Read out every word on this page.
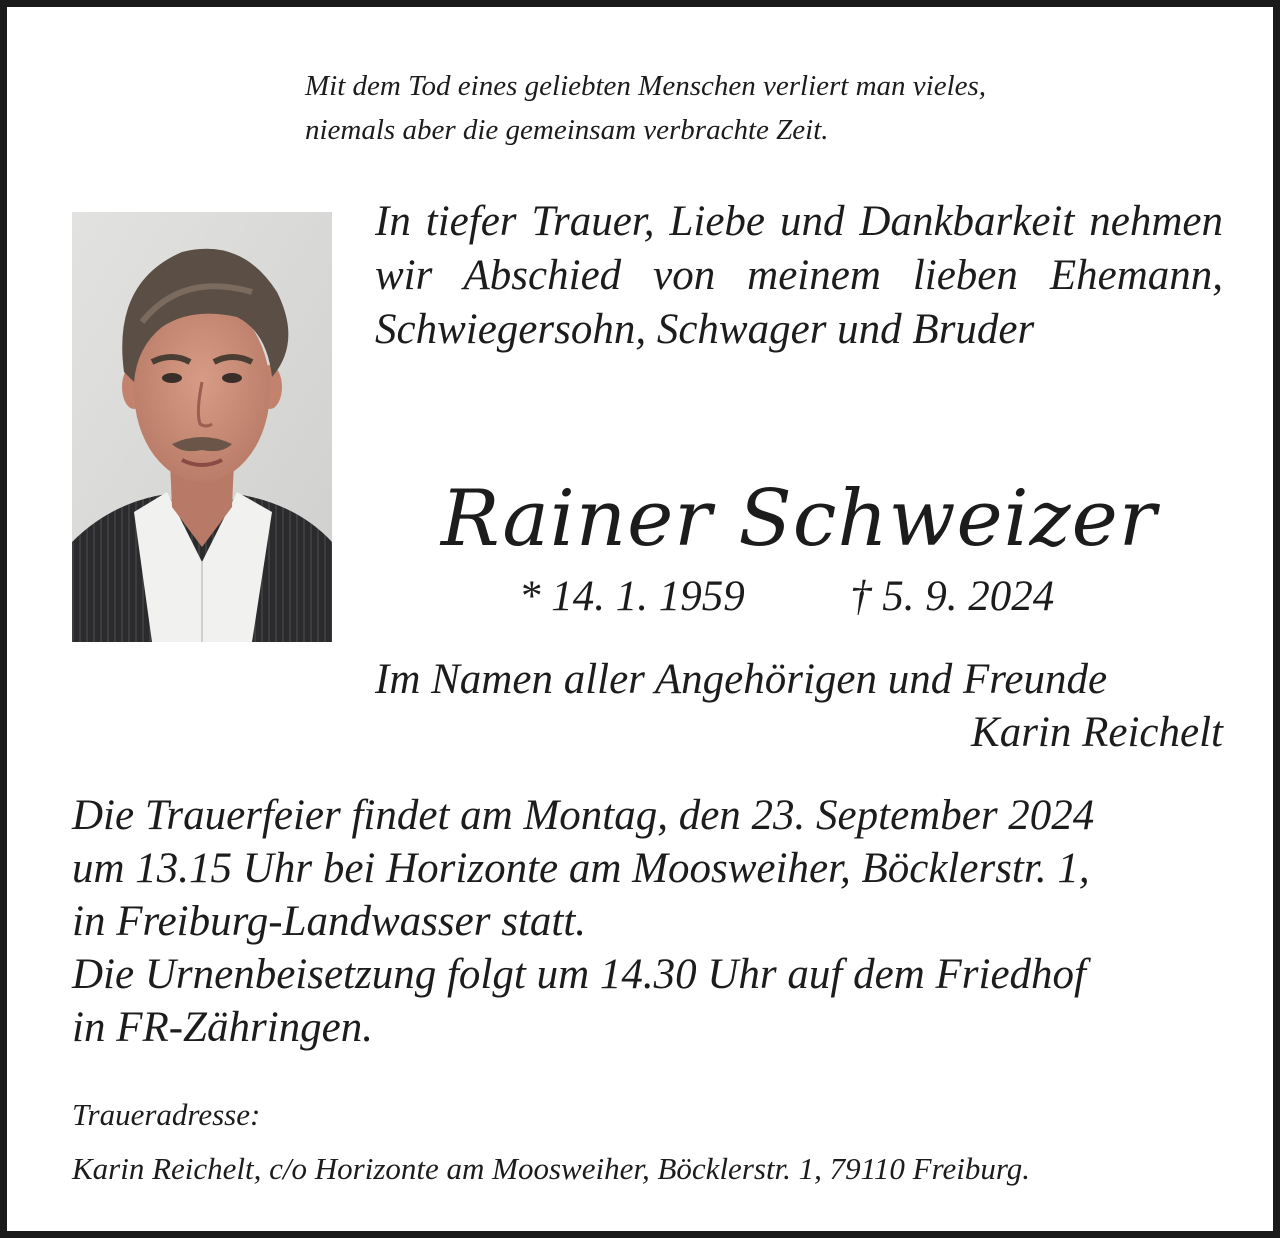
Mit dem Tod eines geliebten Menschen verliert man vieles,
niemals aber die gemeinsam verbrachte Zeit.

In tiefer Trauer, Liebe und Dankbarkeit nehmen wir Abschied von meinem lieben Ehemann, Schwiegersohn, Schwager und Bruder

Rainer Schweizer
* 14. 1. 1959 † 5. 9. 2024

Im Namen aller Angehörigen und Freunde
Karin Reichelt

Die Trauerfeier findet am Montag, den 23. September 2024
um 13.15 Uhr bei Horizonte am Moosweiher, Böcklerstr. 1,
in Freiburg-Landwasser statt.
Die Urnenbeisetzung folgt um 14.30 Uhr auf dem Friedhof
in FR-Zähringen.

Traueradresse:

Karin Reichelt, c/o Horizonte am Moosweiher, Böcklerstr. 1, 79110 Freiburg.
